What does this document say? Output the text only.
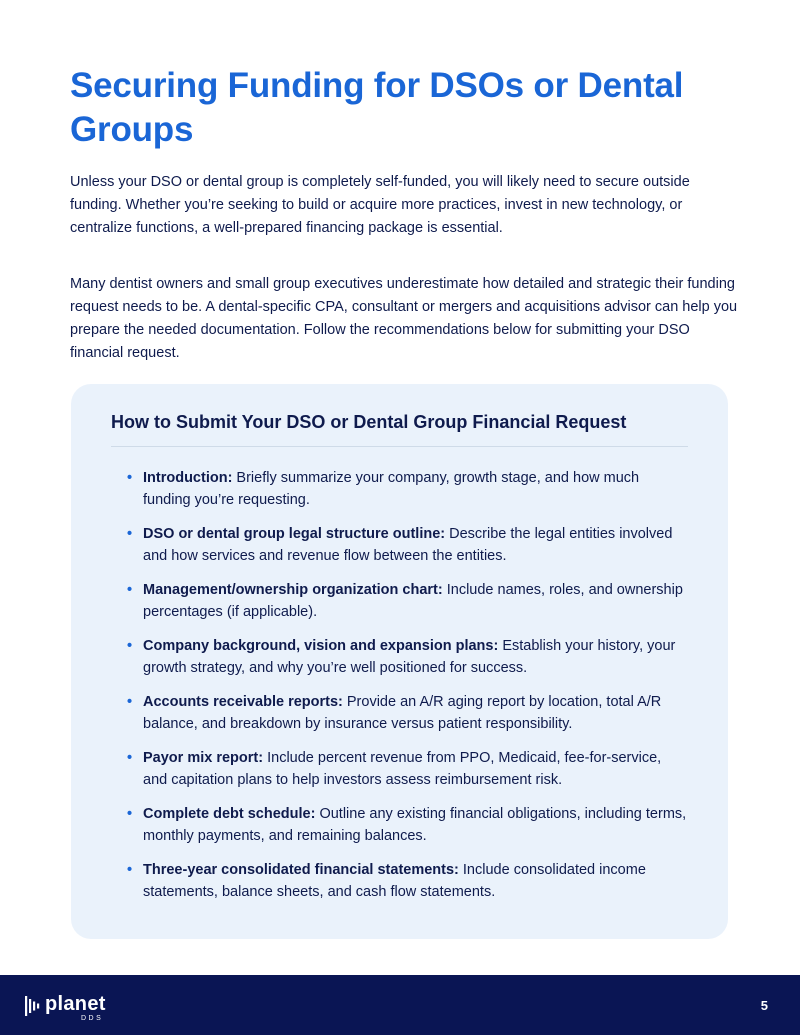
Securing Funding for DSOs or Dental Groups

Unless your DSO or dental group is completely self-funded, you will likely need to secure outside funding. Whether you’re seeking to build or acquire more practices, invest in new technology, or centralize functions, a well-prepared financing package is essential.

Many dentist owners and small group executives underestimate how detailed and strategic their funding request needs to be. A dental-specific CPA, consultant or mergers and acquisitions advisor can help you prepare the needed documentation. Follow the recommendations below for submitting your DSO financial request.

How to Submit Your DSO or Dental Group Financial Request
• Introduction: Briefly summarize your company, growth stage, and how much funding you’re requesting.
• DSO or dental group legal structure outline: Describe the legal entities involved and how services and revenue flow between the entities.
• Management/ownership organization chart: Include names, roles, and ownership percentages (if applicable).
• Company background, vision and expansion plans: Establish your history, your growth strategy, and why you’re well positioned for success.
• Accounts receivable reports: Provide an A/R aging report by location, total A/R balance, and breakdown by insurance versus patient responsibility.
• Payor mix report: Include percent revenue from PPO, Medicaid, fee-for-service, and capitation plans to help investors assess reimbursement risk.
• Complete debt schedule: Outline any existing financial obligations, including terms, monthly payments, and remaining balances.
• Three-year consolidated financial statements: Include consolidated income statements, balance sheets, and cash flow statements.
planet
DDS
5
